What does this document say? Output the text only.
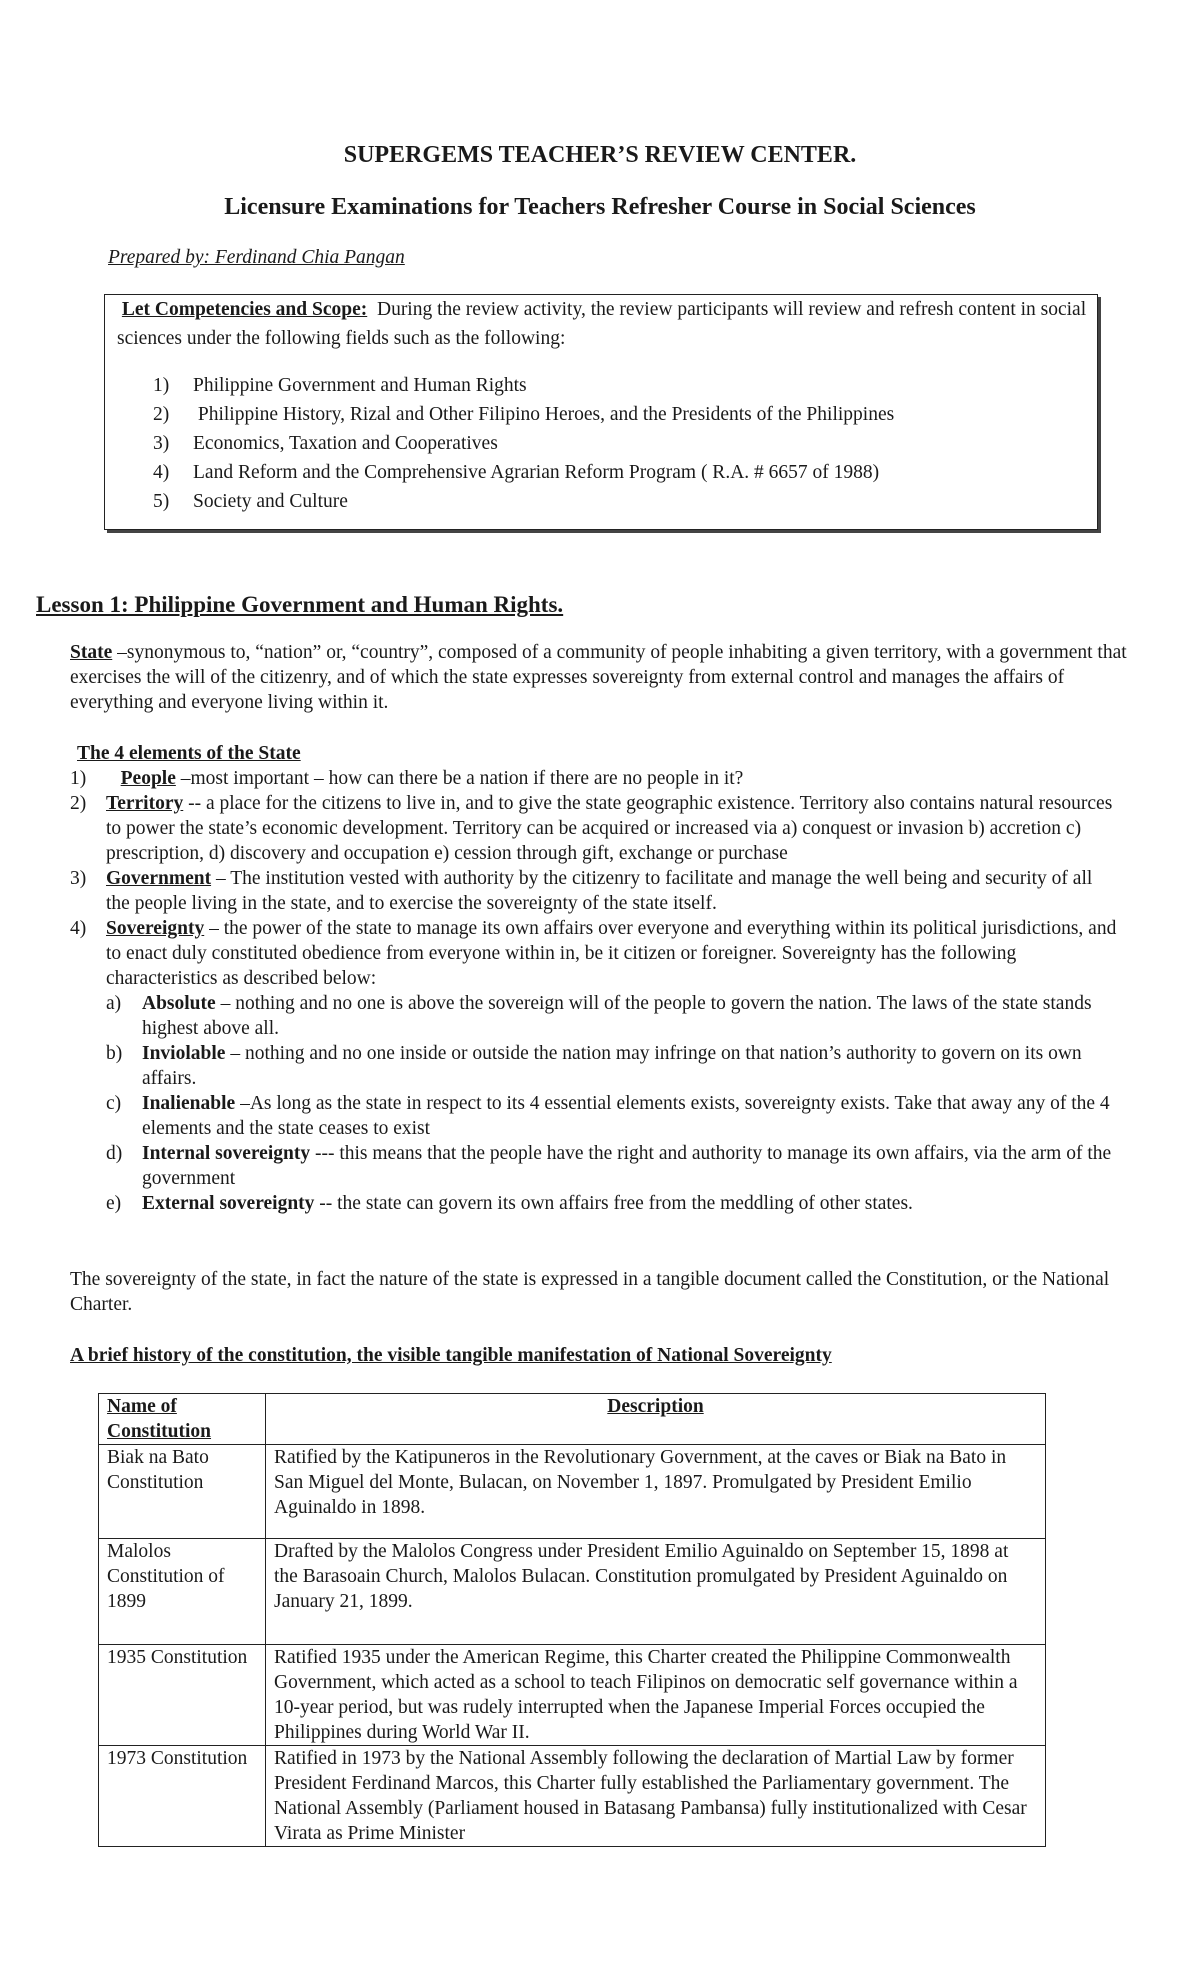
SUPERGEMS TEACHER’S REVIEW CENTER.
Licensure Examinations for Teachers Refresher Course in Social Sciences
Prepared by: Ferdinand Chia Pangan
Let Competencies and Scope: During the review activity, the review participants will review and refresh content in social sciences under the following fields such as the following:
1) Philippine Government and Human Rights
2) Philippine History, Rizal and Other Filipino Heroes, and the Presidents of the Philippines
3) Economics, Taxation and Cooperatives
4) Land Reform and the Comprehensive Agrarian Reform Program ( R.A. # 6657 of 1988)
5) Society and Culture
Lesson 1: Philippine Government and Human Rights.
State –synonymous to, “nation” or, “country”, composed of a community of people inhabiting a given territory, with a government that exercises the will of the citizenry, and of which the state expresses sovereignty from external control and manages the affairs of everything and everyone living within it.
The 4 elements of the State
1) People –most important – how can there be a nation if there are no people in it?
2) Territory -- a place for the citizens to live in, and to give the state geographic existence. Territory also contains natural resources to power the state’s economic development. Territory can be acquired or increased via a) conquest or invasion b) accretion c) prescription, d) discovery and occupation e) cession through gift, exchange or purchase
3) Government – The institution vested with authority by the citizenry to facilitate and manage the well being and security of all the people living in the state, and to exercise the sovereignty of the state itself.
4) Sovereignty – the power of the state to manage its own affairs over everyone and everything within its political jurisdictions, and to enact duly constituted obedience from everyone within in, be it citizen or foreigner. Sovereignty has the following characteristics as described below:
a) Absolute – nothing and no one is above the sovereign will of the people to govern the nation. The laws of the state stands highest above all.
b) Inviolable – nothing and no one inside or outside the nation may infringe on that nation’s authority to govern on its own affairs.
c) Inalienable –As long as the state in respect to its 4 essential elements exists, sovereignty exists. Take that away any of the 4 elements and the state ceases to exist
d) Internal sovereignty --- this means that the people have the right and authority to manage its own affairs, via the arm of the government
e) External sovereignty -- the state can govern its own affairs free from the meddling of other states.
The sovereignty of the state, in fact the nature of the state is expressed in a tangible document called the Constitution, or the National Charter.
A brief history of the constitution, the visible tangible manifestation of National Sovereignty
Name of Constitution	Description
Biak na Bato Constitution	Ratified by the Katipuneros in the Revolutionary Government, at the caves or Biak na Bato in San Miguel del Monte, Bulacan, on November 1, 1897. Promulgated by President Emilio Aguinaldo in 1898.
Malolos Constitution of 1899	Drafted by the Malolos Congress under President Emilio Aguinaldo on September 15, 1898 at the Barasoain Church, Malolos Bulacan. Constitution promulgated by President Aguinaldo on January 21, 1899.
1935 Constitution	Ratified 1935 under the American Regime, this Charter created the Philippine Commonwealth Government, which acted as a school to teach Filipinos on democratic self governance within a 10-year period, but was rudely interrupted when the Japanese Imperial Forces occupied the Philippines during World War II.
1973 Constitution	Ratified in 1973 by the National Assembly following the declaration of Martial Law by former President Ferdinand Marcos, this Charter fully established the Parliamentary government. The National Assembly (Parliament housed in Batasang Pambansa) fully institutionalized with Cesar Virata as Prime Minister
